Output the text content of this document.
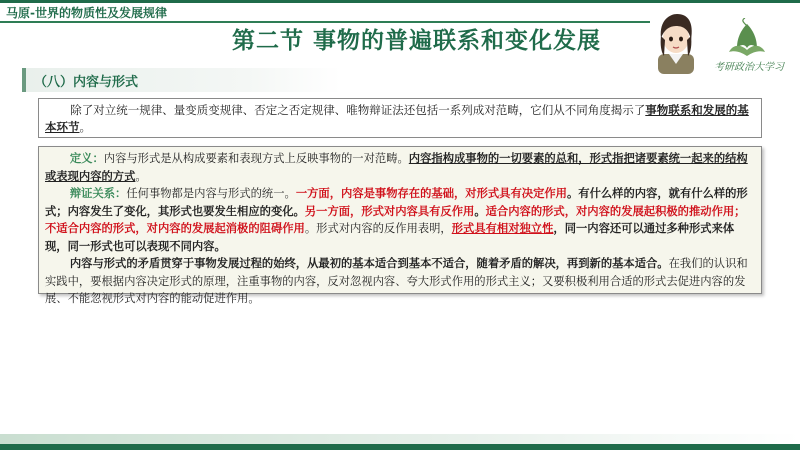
马原-世界的物质性及发展规律
第二节 事物的普遍联系和变化发展
考研政治大学习
（八）内容与形式

除了对立统一规律、量变质变规律、否定之否定规律、唯物辩证法还包括一系列成对范畴，它们从不同角度揭示了事物联系和发展的基本环节。

定义：内容与形式是从构成要素和表现方式上反映事物的一对范畴。内容指构成事物的一切要素的总和，形式指把诸要素统一起来的结构或表现内容的方式。

辩证关系：任何事物都是内容与形式的统一。一方面，内容是事物存在的基础，对形式具有决定作用。有什么样的内容，就有什么样的形式；内容发生了变化，其形式也要发生相应的变化。另一方面，形式对内容具有反作用。适合内容的形式，对内容的发展起积极的推动作用；不适合内容的形式，对内容的发展起消极的阻碍作用。形式对内容的反作用表明，形式具有相对独立性，同一内容还可以通过多种形式来体现，同一形式也可以表现不同内容。

内容与形式的矛盾贯穿于事物发展过程的始终，从最初的基本适合到基本不适合，随着矛盾的解决，再到新的基本适合。在我们的认识和实践中，要根据内容决定形式的原理，注重事物的内容，反对忽视内容、夸大形式作用的形式主义；又要积极利用合适的形式去促进内容的发展、不能忽视形式对内容的能动促进作用。
